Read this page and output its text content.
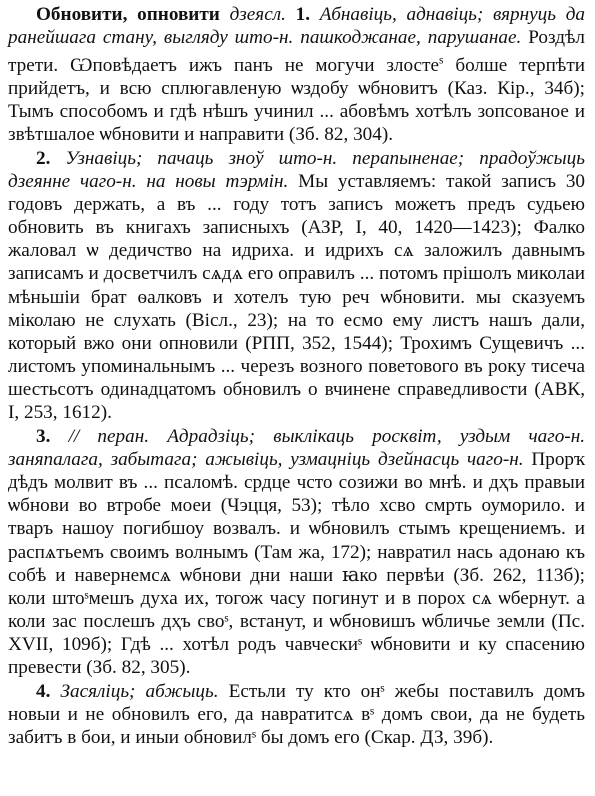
Обновити, опновити дзеясл. 1. Абнавіць, аднавіць; вярнуць да ранейшага стану, выгляду што-н. пашкоджанае, парушанае. Роздѣл трети. Ѡповѣдаетъ ижъ панъ не могучи злосте$^s$ болше терпѣти прийдетъ, и всю сплюгавленую ѡздобу ѡбновитъ (Каз. Кір., 34б); Тымъ способомъ и гдѣ нѣшъ учинил ... абовѣмъ хотѣлъ зопсованое и звѣтшалое ѡбновити и направити (Зб. 82, 304).

2. Узнавіць; пачаць зноў што-н. перапыненае; прадоўжыць дзеянне чаго-н. на новы тэрмін. Мы уставляемъ: такой записъ 30 годовъ держать, а въ ... году тотъ записъ можетъ предъ судьею обновить въ книгахъ записныхъ (АЗР, I, 40, 1420—1423); Фалко жаловал ѡ дедичство на идриха. и идрихъ сѧ заложилъ давнымъ записамъ и досветчилъ сѧдѧ его оправилъ ... потомъ прішолъ миколаи мѣньшіи брат ѳалковъ и хотелъ тую реч ѡбновити. мы сказуемъ міколаю не слухать (Вісл., 23); на то есмо ему листъ нашъ дали, который вжо они опновили (РПП, 352, 1544); Трохимъ Сущевичъ ... листомъ упоминальнымъ ... черезъ возного поветового въ року тисеча шестьсотъ одинадцатомъ обновилъ о вчинене справедливости (АВК, I, 253, 1612).

3. // перан. Адрадзіць; выклікаць росквіт, уздым чаго-н. заняпалага, забытага; ажывіць, узмацніць дзейнасць чаго-н. Прорҡ дѣдъ молвит въ ... псаломѣ. срдце чсто созижи во мнѣ. и дҳъ правыи ѡбнови во втробе моеи (Чэцця, 53); тѣло хсво смрть оуморило. и тваръ нашоу погибшоу возвалъ. и ѡбновилъ стымъ крещениемъ. и распѧтьемъ своимъ волнымъ (Там жа, 172); навратил нась адонаю къ собѣ и навернемсѧ ѡбнови дни наши ꙗко первѣи (Зб. 262, 113б); коли штоˢмешъ духа их, тогож часу погинут и в порох сѧ ѡбернут. а коли зас послешъ дҳъ своˢ, встанут, и ѡбновишъ ѡбличье земли (Пс. XVII, 109б); Гдѣ ... хотѣл родъ чавческиˢ ѡбновити и ку спасению превести (Зб. 82, 305).

4. Засяліць; абжыць. Естьли ту кто онˢ жебы поставилъ домъ новыи и не обновилъ его, да навратитсѧ вˢ домъ свои, да не будеть забитъ в бои, и иныи обновилˢ бы домъ его (Скар. ДЗ, 39б).
